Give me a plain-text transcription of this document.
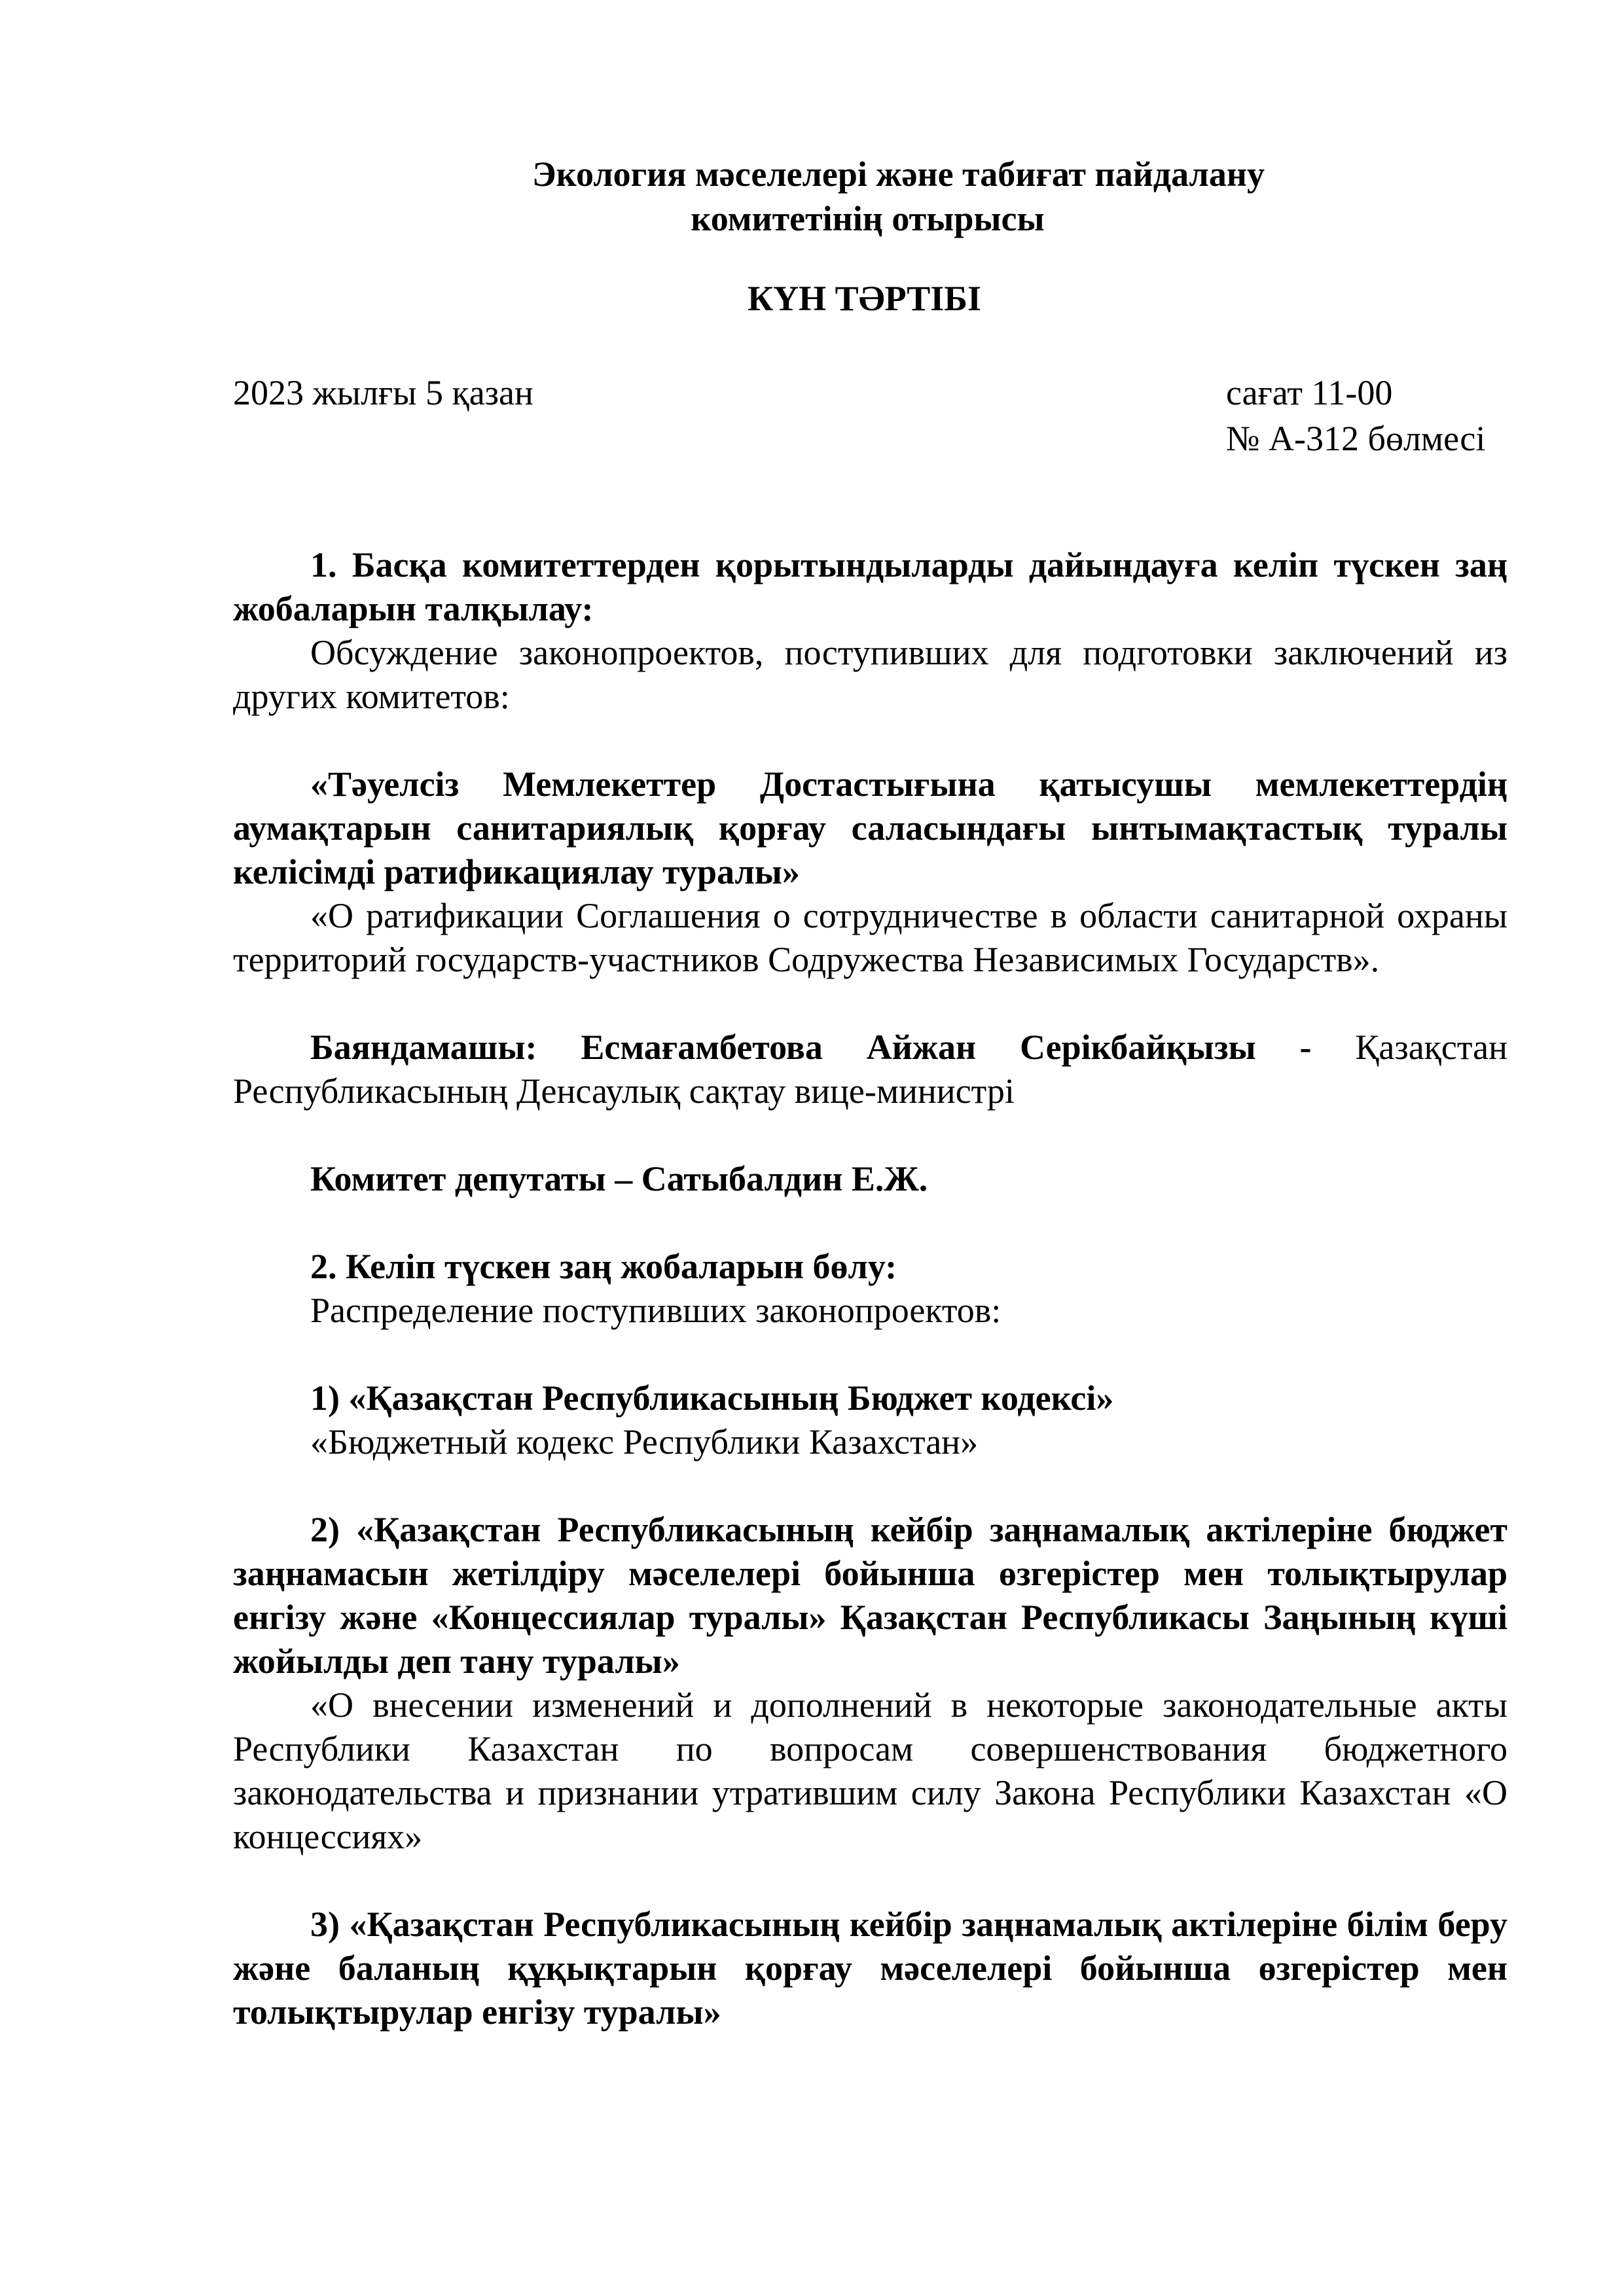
Экология мәселелері және табиғат пайдалану
комитетінің отырысы
КҮН ТӘРТІБІ
2023 жылғы 5 қазан	сағат 11-00
№ А-312 бөлмесі

1. Басқа комитеттерден қорытындыларды дайындауға келіп түскен заң жобаларын талқылау:

Обсуждение законопроектов, поступивших для подготовки заключений из других комитетов:

«Тәуелсіз Мемлекеттер Достастығына қатысушы мемлекеттердің аумақтарын санитариялық қорғау саласындағы ынтымақтастық туралы келісімді ратификациялау туралы»

«О ратификации Соглашения о сотрудничестве в области санитарной охраны территорий государств-участников Содружества Независимых Государств».

Баяндамашы: Есмағамбетова Айжан Серікбайқызы - Қазақстан Республикасының Денсаулық сақтау вице-министрі

Комитет депутаты – Сатыбалдин Е.Ж.

2. Келіп түскен заң жобаларын бөлу:

Распределение поступивших законопроектов:

1) «Қазақстан Республикасының Бюджет кодексі»

«Бюджетный кодекс Республики Казахстан»

2) «Қазақстан Республикасының кейбір заңнамалық актілеріне бюджет заңнамасын жетілдіру мәселелері бойынша өзгерістер мен толықтырулар енгізу және «Концессиялар туралы» Қазақстан Республикасы Заңының күші жойылды деп тану туралы»

«О внесении изменений и дополнений в некоторые законодательные акты Республики Казахстан по вопросам совершенствования бюджетного законодательства и признании утратившим силу Закона Республики Казахстан «О концессиях»

3) «Қазақстан Республикасының кейбір заңнамалық актілеріне білім беру және баланың құқықтарын қорғау мәселелері бойынша өзгерістер мен толықтырулар енгізу туралы»
